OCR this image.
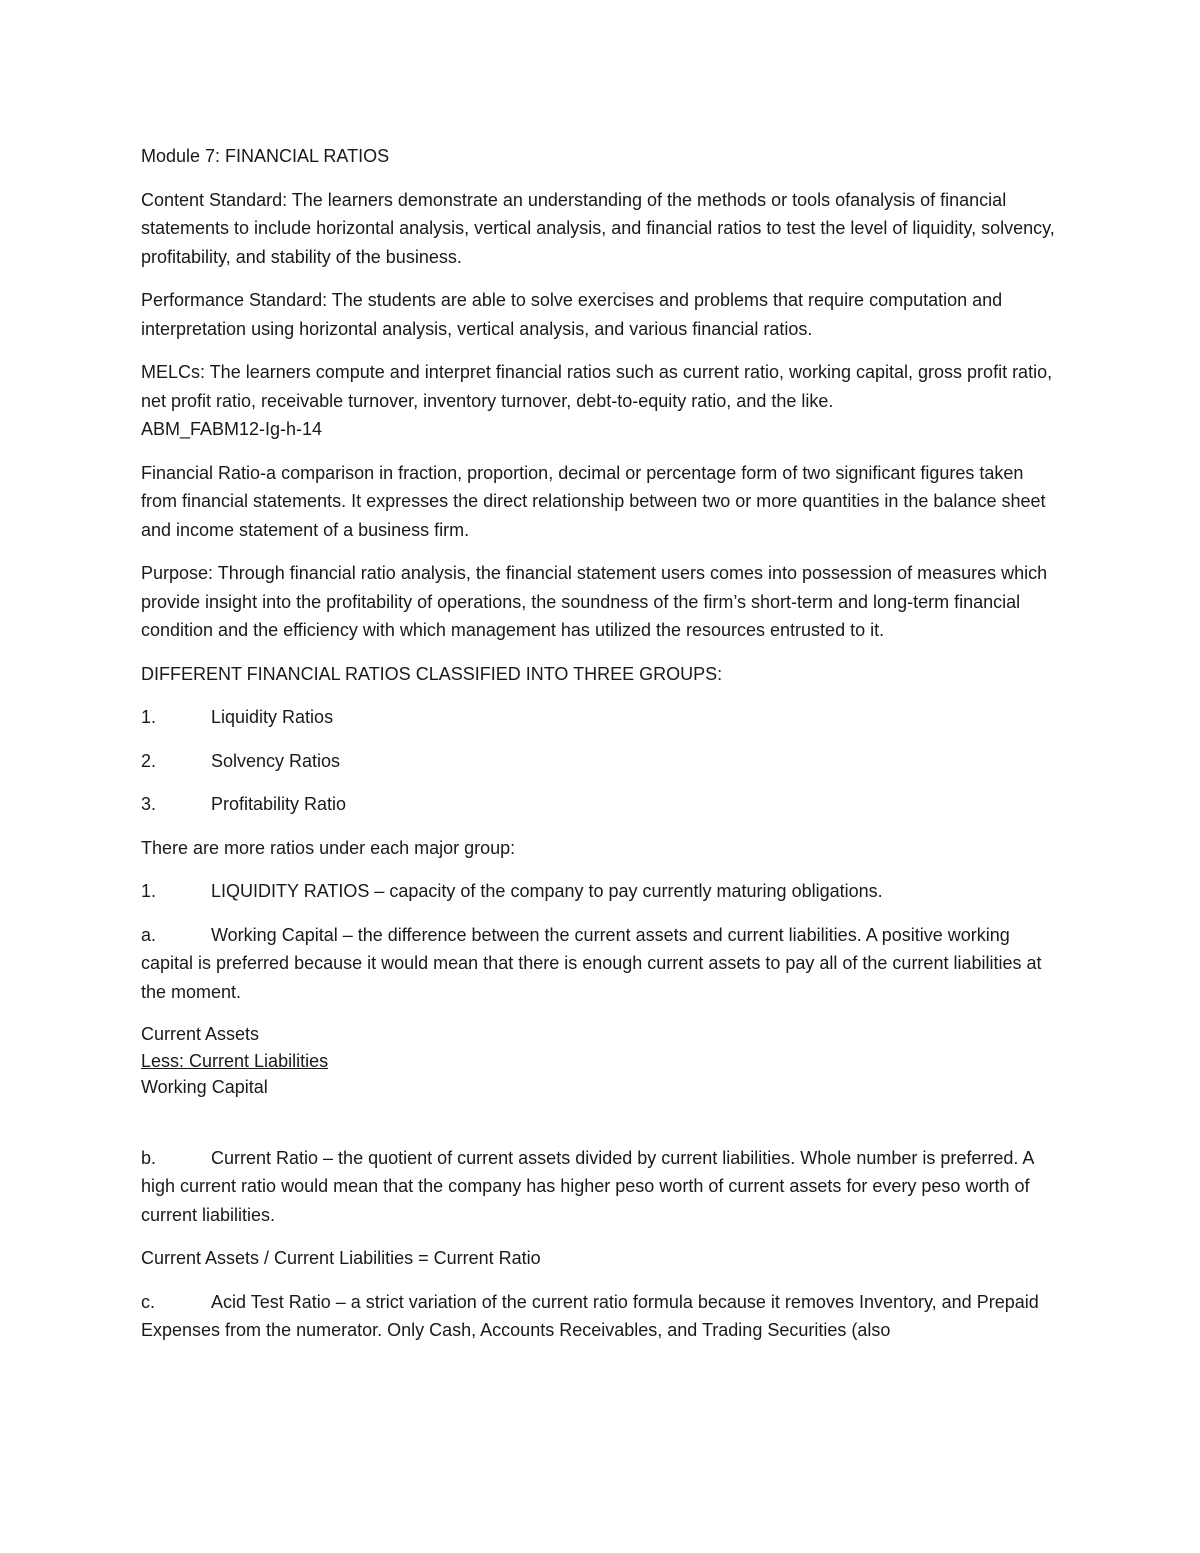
Module 7: FINANCIAL RATIOS

Content Standard: The learners demonstrate an understanding of the methods or tools ofanalysis of financial statements to include horizontal analysis, vertical analysis, and financial ratios to test the level of liquidity, solvency, profitability, and stability of the business.

Performance Standard: The students are able to solve exercises and problems that require computation and interpretation using horizontal analysis, vertical analysis, and various financial ratios.

MELCs: The learners compute and interpret financial ratios such as current ratio, working capital, gross profit ratio, net profit ratio, receivable turnover, inventory turnover, debt-to-equity ratio, and the like.
ABM_FABM12-Ig-h-14

Financial Ratio-a comparison in fraction, proportion, decimal or percentage form of two significant figures taken from financial statements. It expresses the direct relationship between two or more quantities in the balance sheet and income statement of a business firm.

Purpose: Through financial ratio analysis, the financial statement users comes into possession of measures which provide insight into the profitability of operations, the soundness of the firm’s short-term and long-term financial condition and the efficiency with which management has utilized the resources entrusted to it.

DIFFERENT FINANCIAL RATIOS CLASSIFIED INTO THREE GROUPS:

1.	Liquidity Ratios
2.	Solvency Ratios
3.	Profitability Ratio

There are more ratios under each major group:

1.	LIQUIDITY RATIOS – capacity of the company to pay currently maturing obligations.
a.	Working Capital – the difference between the current assets and current liabilities. A positive working capital is preferred because it would mean that there is enough current assets to pay all of the current liabilities at the moment.
Current Assets
Less: Current Liabilities
Working Capital
b.	Current Ratio – the quotient of current assets divided by current liabilities. Whole number is preferred. A high current ratio would mean that the company has higher peso worth of current assets for every peso worth of current liabilities.

Current Assets / Current Liabilities = Current Ratio

c.	Acid Test Ratio – a strict variation of the current ratio formula because it removes Inventory, and Prepaid Expenses from the numerator. Only Cash, Accounts Receivables, and Trading Securities (also
